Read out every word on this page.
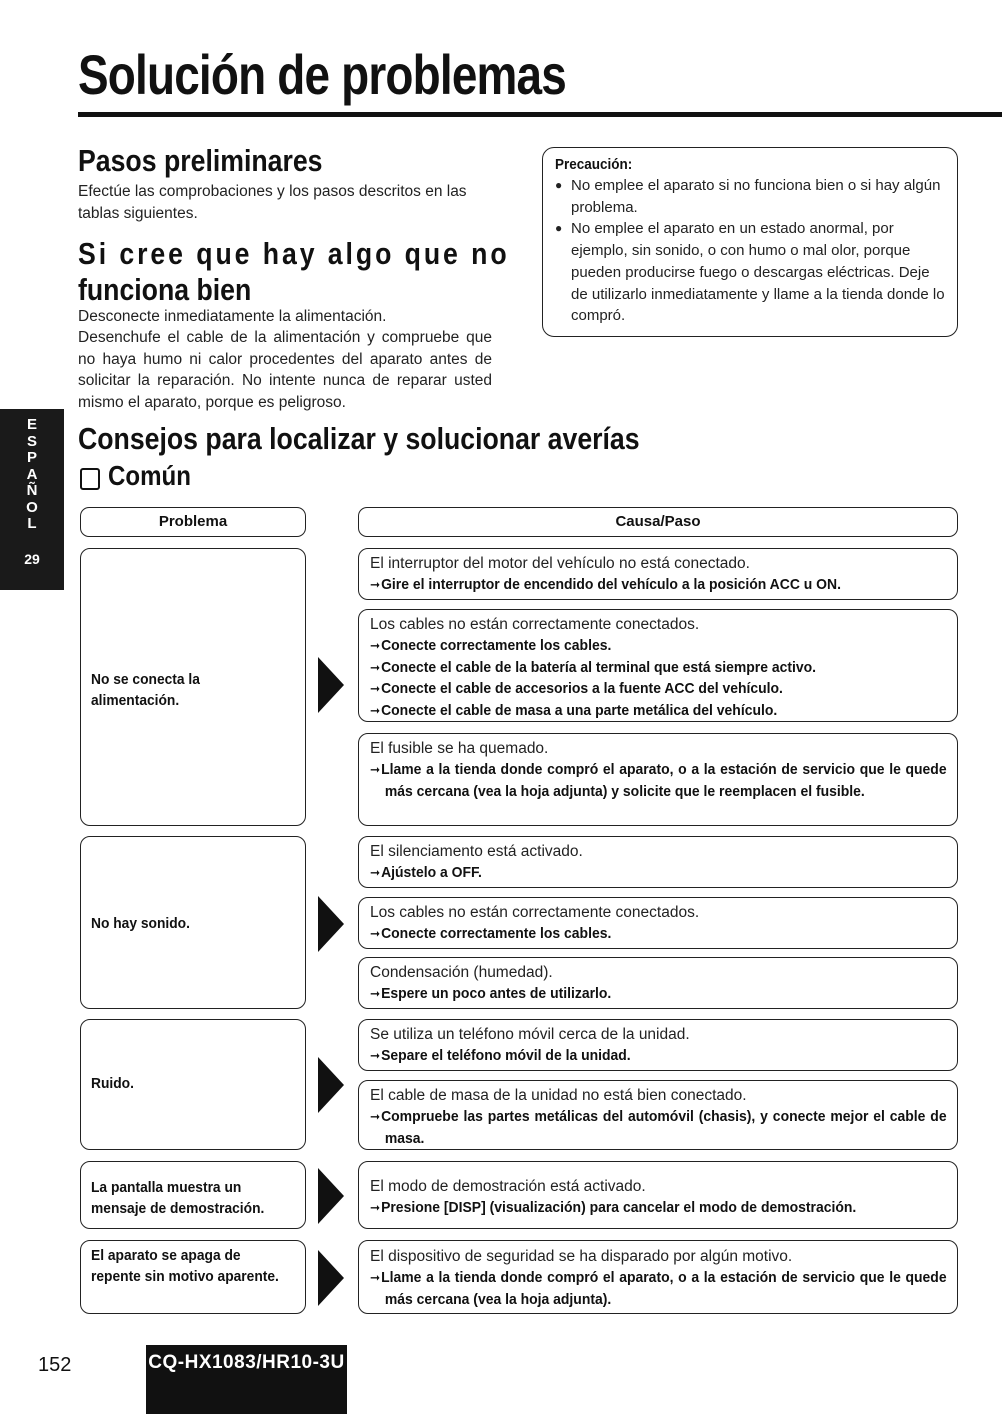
Solución de problemas
E
S
P
A
Ñ
O
L
29
Pasos preliminares
Efectúe las comprobaciones y los pasos descritos en las tablas siguientes.
Si cree que hay algo que no
funciona bien
Desconecte inmediatamente la alimentación.
Desenchufe el cable de la alimentación y compruebe que no haya humo ni calor procedentes del aparato antes de solicitar la reparación. No intente nunca de reparar usted mismo el aparato, porque es peligroso.
Precaución:
● No emplee el aparato si no funciona bien o si hay algún problema.
● No emplee el aparato en un estado anormal, por ejemplo, sin sonido, o con humo o mal olor, porque pueden producirse fuego o descargas eléctricas. Deje de utilizarlo inmediatamente y llame a la tienda donde lo compró.
Consejos para localizar y solucionar averías
Común
Problema	Causa/Paso
No se conecta la alimentación.
El interruptor del motor del vehículo no está conectado.
➞ Gire el interruptor de encendido del vehículo a la posición ACC u ON.
Los cables no están correctamente conectados.
➞ Conecte correctamente los cables.
➞ Conecte el cable de la batería al terminal que está siempre activo.
➞ Conecte el cable de accesorios a la fuente ACC del vehículo.
➞ Conecte el cable de masa a una parte metálica del vehículo.
El fusible se ha quemado.
➞ Llame a la tienda donde compró el aparato, o a la estación de servicio que le quede más cercana (vea la hoja adjunta) y solicite que le reemplacen el fusible.
No hay sonido.
El silenciamento está activado.
➞ Ajústelo a OFF.
Los cables no están correctamente conectados.
➞ Conecte correctamente los cables.
Condensación (humedad).
➞ Espere un poco antes de utilizarlo.
Ruido.
Se utiliza un teléfono móvil cerca de la unidad.
➞ Separe el teléfono móvil de la unidad.
El cable de masa de la unidad no está bien conectado.
➞ Compruebe las partes metálicas del automóvil (chasis), y conecte mejor el cable de masa.
La pantalla muestra un mensaje de demostración.
El modo de demostración está activado.
➞ Presione [DISP] (visualización) para cancelar el modo de demostración.
El aparato se apaga de repente sin motivo aparente.
El dispositivo de seguridad se ha disparado por algún motivo.
➞ Llame a la tienda donde compró el aparato, o a la estación de servicio que le quede más cercana (vea la hoja adjunta).
152	CQ-HX1083/HR10-3U
